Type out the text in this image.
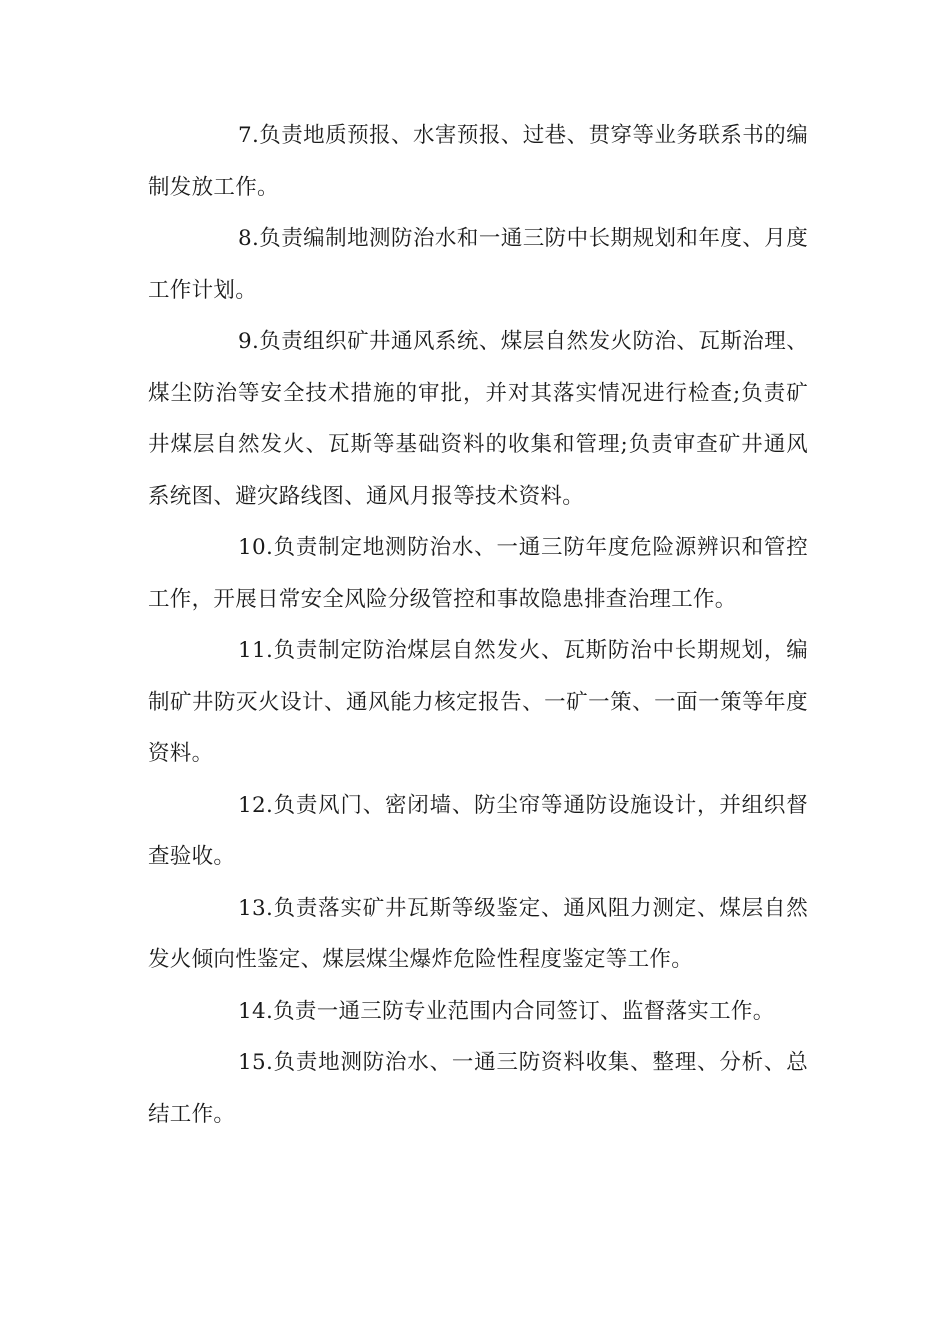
7.负责地质预报、水害预报、过巷、贯穿等业务联系书的编制发放工作。

8.负责编制地测防治水和一通三防中长期规划和年度、月度工作计划。

9.负责组织矿井通风系统、煤层自然发火防治、瓦斯治理、煤尘防治等安全技术措施的审批，并对其落实情况进行检查;负责矿井煤层自然发火、瓦斯等基础资料的收集和管理;负责审查矿井通风系统图、避灾路线图、通风月报等技术资料。

10.负责制定地测防治水、一通三防年度危险源辨识和管控工作，开展日常安全风险分级管控和事故隐患排查治理工作。

11.负责制定防治煤层自然发火、瓦斯防治中长期规划，编制矿井防灭火设计、通风能力核定报告、一矿一策、一面一策等年度资料。

12.负责风门、密闭墙、防尘帘等通防设施设计，并组织督查验收。

13.负责落实矿井瓦斯等级鉴定、通风阻力测定、煤层自然发火倾向性鉴定、煤层煤尘爆炸危险性程度鉴定等工作。

14.负责一通三防专业范围内合同签订、监督落实工作。

15.负责地测防治水、一通三防资料收集、整理、分析、总结工作。
